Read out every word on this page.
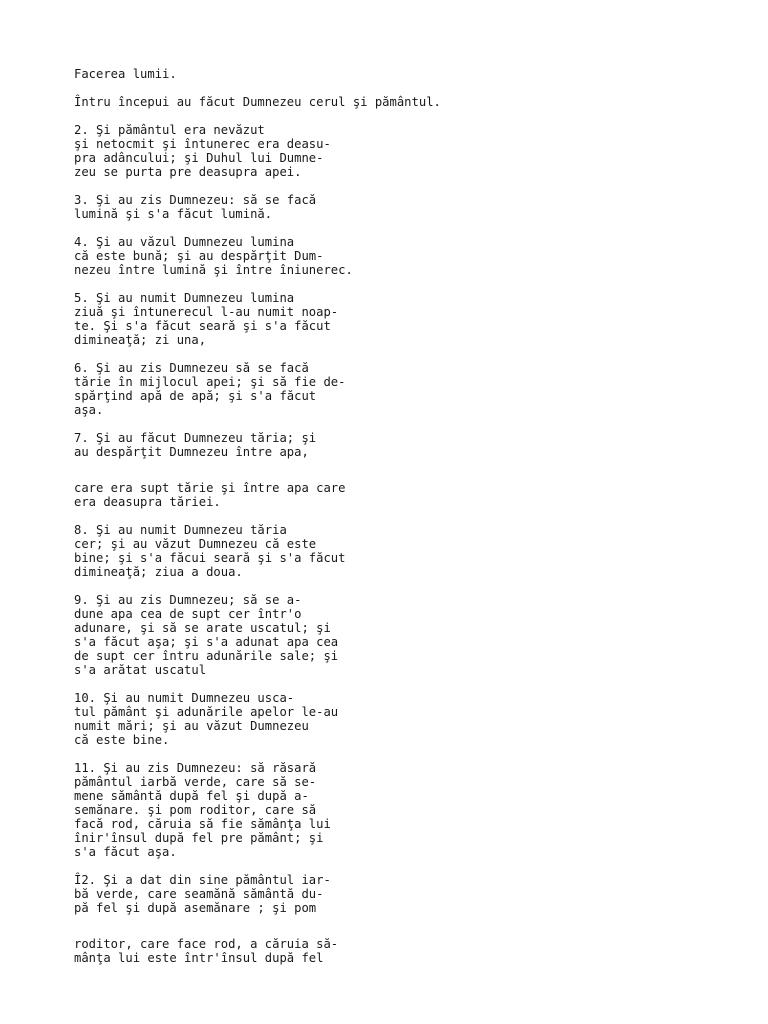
Facerea lumii.
Întru începui au făcut Dumnezeu cerul şi pământul.
2. Şi pământul era nevăzut
şi netocmit şi întunerec era deasu-
pra adâncului; şi Duhul lui Dumne-
zeu se purta pre deasupra apei.
3. Şi au zis Dumnezeu: să se facă
lumină şi s'a făcut lumină.
4. Şi au văzul Dumnezeu lumina
că este bună; şi au despărţit Dum-
nezeu între lumină şi între îniunerec.
5. Şi au numit Dumnezeu lumina
ziuă şi întunerecul l-au numit noap-
te. Şi s'a făcut seară şi s'a făcut
dimineaţă; zi una,
6. Şi au zis Dumnezeu să se facă
tărie în mijlocul apei; şi să fie de-
spărţind apă de apă; şi s'a făcut
aşa.
7. Şi au făcut Dumnezeu tăria; şi
au despărţit Dumnezeu între apa,
care era supt tărie şi între apa care
era deasupra tăriei.
8. Şi au numit Dumnezeu tăria
cer; şi au văzut Dumnezeu că este
bine; şi s'a făcui seară şi s'a făcut
dimineaţă; ziua a doua.
9. Şi au zis Dumnezeu; să se a-
dune apa cea de supt cer într'o
adunare, şi să se arate uscatul; şi
s'a făcut aşa; şi s'a adunat apa cea
de supt cer întru adunările sale; şi
s'a arătat uscatul
10. Şi au numit Dumnezeu usca-
tul pământ şi adunările apelor le-au
numit mări; şi au văzut Dumnezeu
că este bine.
11. Şi au zis Dumnezeu: să răsară
pământul iarbă verde, care să se-
mene sământă după fel şi după a-
semănare. şi pom roditor, care să
facă rod, căruia să fie sămânţa lui
înir'însul după fel pre pământ; şi
s'a făcut aşa.
Î2. Şi a dat din sine pământul iar-
bă verde, care seamănă sământă du-
pă fel şi după asemănare ; şi pom
roditor, care face rod, a căruia să-
mânţa lui este într'însul după fel
